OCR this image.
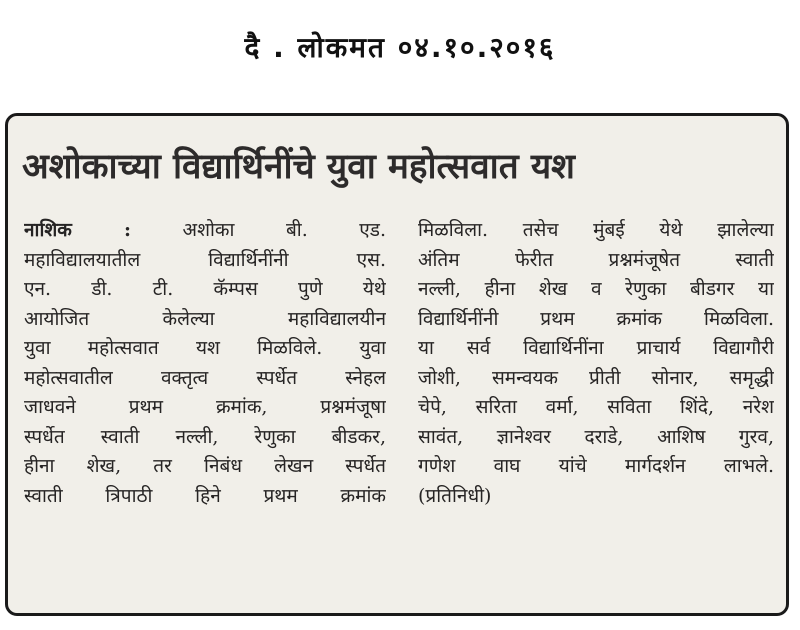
दै . लोकमत ०४.१०.२०१६
अशोकाच्या विद्यार्थिनींचे युवा महोत्सवात यश
नाशिक :	अशोका बी. एड.
महाविद्यालयातील विद्यार्थिनींनी एस.
एन. डी. टी. कॅम्पस पुणे येथे
आयोजित केलेल्या महाविद्यालयीन
युवा महोत्सवात यश मिळविले. युवा
महोत्सवातील वक्तृत्व स्पर्धेत स्नेहल
जाधवने प्रथम क्रमांक, प्रश्नमंजूषा
स्पर्धेत स्वाती नल्ली, रेणुका बीडकर,
हीना शेख, तर निबंध लेखन स्पर्धेत
स्वाती त्रिपाठी हिने प्रथम क्रमांक
मिळविला. तसेच मुंबई येथे झालेल्या
अंतिम फेरीत प्रश्नमंजूषेत स्वाती
नल्ली, हीना शेख व रेणुका बीडगर या
विद्यार्थिनींनी प्रथम क्रमांक मिळविला.
या सर्व विद्यार्थिनींना प्राचार्य विद्यागौरी
जोशी, समन्वयक प्रीती सोनार, समृद्धी
चेपे, सरिता वर्मा, सविता शिंदे, नरेश
सावंत, ज्ञानेश्वर दराडे, आशिष गुरव,
गणेश वाघ यांचे मार्गदर्शन लाभले.
(प्रतिनिधी)
